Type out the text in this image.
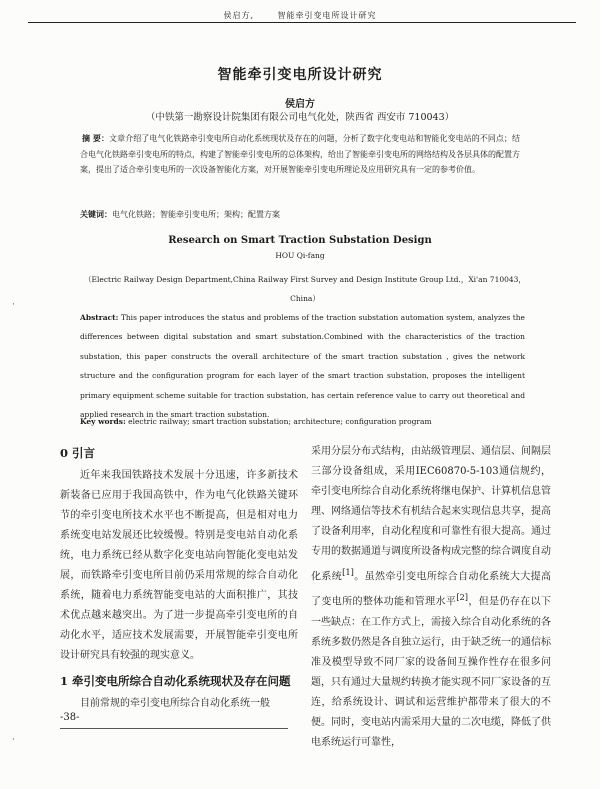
侯启方,	智能牵引变电所设计研究
智能牵引变电所设计研究
侯启方
（中铁第一勘察设计院集团有限公司电气化处，陕西省 西安市 710043）
摘 要：文章介绍了电气化铁路牵引变电所自动化系统现状及存在的问题，分析了数字化变电站和智能化变电站的不同点；结合电气化铁路牵引变电所的特点，构建了智能牵引变电所的总体架构，给出了智能牵引变电所的网络结构及各层具体的配置方案，提出了适合牵引变电所的一次设备智能化方案，对开展智能牵引变电所理论及应用研究具有一定的参考价值。
关键词：电气化铁路；智能牵引变电所；架构；配置方案
Research on Smart Traction Substation Design
HOU Qi-fang
（Electric Railway Design Department,China Railway First Survey and Design Institute Group Ltd.，Xi'an 710043，China）
Abstract: This paper introduces the status and problems of the traction substation automation system, analyzes the differences between digital substation and smart substation.Combined with the characteristics of the traction substation, this paper constructs the overall architecture of the smart traction substation , gives the network structure and the configuration program for each layer of the smart traction substation, proposes the intelligent primary equipment scheme suitable for traction substation, has certain reference value to carry out theoretical and applied research in the smart traction substation.
Key words: electric railway; smart traction substation; architecture; configuration program
0 引言

近年来我国铁路技术发展十分迅速，许多新技术新装备已应用于我国高铁中，作为电气化铁路关键环节的牵引变电所技术水平也不断提高，但是相对电力系统变电站发展还比较缓慢。特别是变电站自动化系统，电力系统已经从数字化变电站向智能化变电站发展，而铁路牵引变电所目前仍采用常规的综合自动化系统，随着电力系统智能变电站的大面积推广，其技术优点越来越突出。为了进一步提高牵引变电所的自动化水平，适应技术发展需要，开展智能牵引变电所设计研究具有较强的现实意义。

1 牵引变电所综合自动化系统现状及存在问题

目前常规的牵引变电所综合自动化系统一般

采用分层分布式结构，由站级管理层、通信层、间隔层三部分设备组成，采用IEC60870-5-103通信规约，牵引变电所综合自动化系统将继电保护、计算机信息管理、网络通信等技术有机结合起来实现信息共享，提高了设备利用率，自动化程度和可靠性有很大提高。通过专用的数据通道与调度所设备构成完整的综合调度自动化系统[1]。虽然牵引变电所综合自动化系统大大提高了变电所的整体功能和管理水平[2]，但是仍存在以下一些缺点：在工作方式上，需接入综合自动化系统的各系统多数仍然是各自独立运行，由于缺乏统一的通信标准及模型导致不同厂家的设备间互操作性存在很多问题，只有通过大量规约转换才能实现不同厂家设备的互连，给系统设计、调试和运营维护都带来了很大的不便。同时，变电站内需采用大量的二次电缆，降低了供电系统运行可靠性，

-38-
·
·
